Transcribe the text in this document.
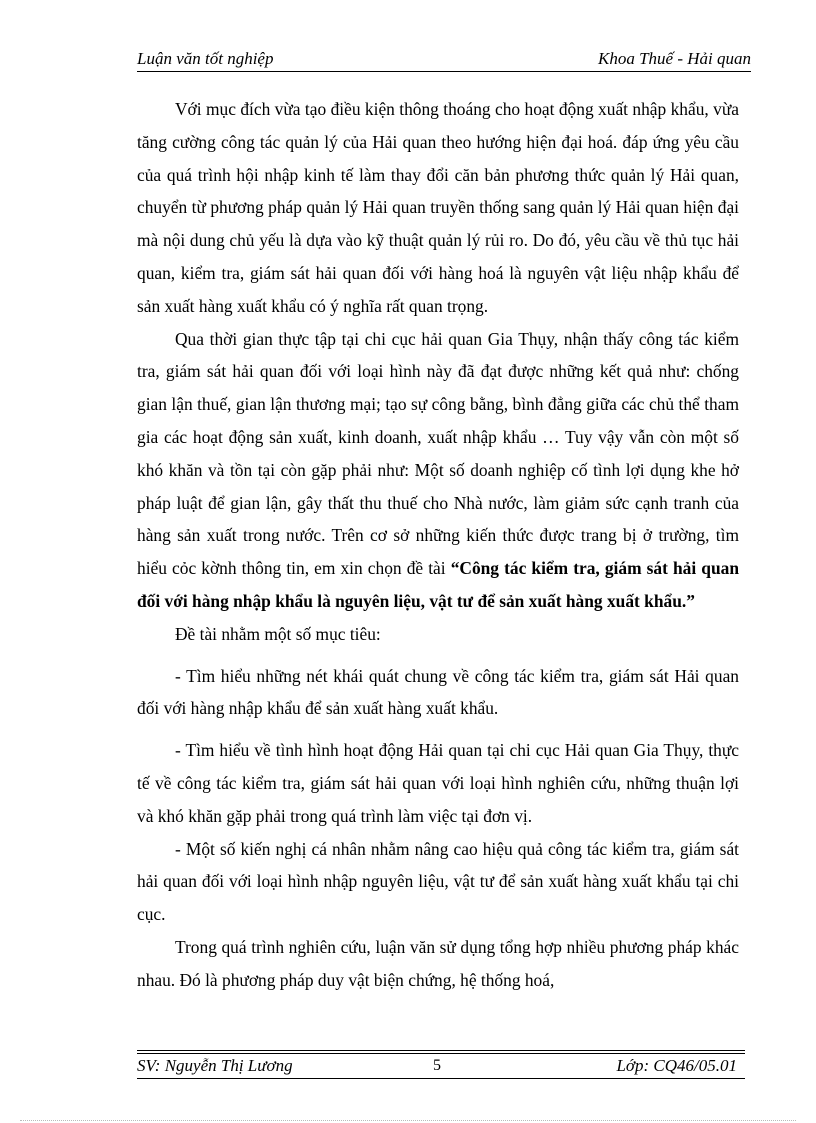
Luận văn tốt nghiệp	Khoa Thuế - Hải quan

Với mục đích vừa tạo điều kiện thông thoáng cho hoạt động xuất nhập khẩu, vừa tăng cường công tác quản lý của Hải quan theo hướng hiện đại hoá. đáp ứng yêu cầu của quá trình hội nhập kinh tế làm thay đổi căn bản phương thức quản lý Hải quan, chuyển từ phương pháp quản lý Hải quan truyền thống sang quản lý Hải quan hiện đại mà nội dung chủ yếu là dựa vào kỹ thuật quản lý rủi ro. Do đó, yêu cầu về thủ tục hải quan, kiểm tra, giám sát hải quan đối với hàng hoá là nguyên vật liệu nhập khẩu để sản xuất hàng xuất khẩu có ý nghĩa rất quan trọng.

Qua thời gian thực tập tại chi cục hải quan Gia Thụy, nhận thấy công tác kiểm tra, giám sát hải quan đối với loại hình này đã đạt được những kết quả như: chống gian lận thuế, gian lận thương mại; tạo sự công bằng, bình đẳng giữa các chủ thể tham gia các hoạt động sản xuất, kinh doanh, xuất nhập khẩu … Tuy vậy vẫn còn một số khó khăn và tồn tại còn gặp phải như: Một số doanh nghiệp cố tình lợi dụng khe hở pháp luật để gian lận, gây thất thu thuế cho Nhà nước, làm giảm sức cạnh tranh của hàng sản xuất trong nước. Trên cơ sở những kiến thức được trang bị ở trường, tìm hiểu cỏc kờnh thông tin, em xin chọn đề tài “Công tác kiểm tra, giám sát hải quan đối với hàng nhập khẩu là nguyên liệu, vật tư để sản xuất hàng xuất khẩu.”

Đề tài nhằm một số mục tiêu:

- Tìm hiểu những nét khái quát chung về công tác kiểm tra, giám sát Hải quan đối với hàng nhập khẩu để sản xuất hàng xuất khẩu.

- Tìm hiểu về tình hình hoạt động Hải quan tại chi cục Hải quan Gia Thụy, thực tế về công tác kiểm tra, giám sát hải quan với loại hình nghiên cứu, những thuận lợi và khó khăn gặp phải trong quá trình làm việc tại đơn vị.

- Một số kiến nghị cá nhân nhằm nâng cao hiệu quả công tác kiểm tra, giám sát hải quan đối với loại hình nhập nguyên liệu, vật tư để sản xuất hàng xuất khẩu tại chi cục.

Trong quá trình nghiên cứu, luận văn sử dụng tổng hợp nhiều phương pháp khác nhau. Đó là phương pháp duy vật biện chứng, hệ thống hoá,

SV: Nguyễn Thị Lương	5	Lớp: CQ46/05.01
